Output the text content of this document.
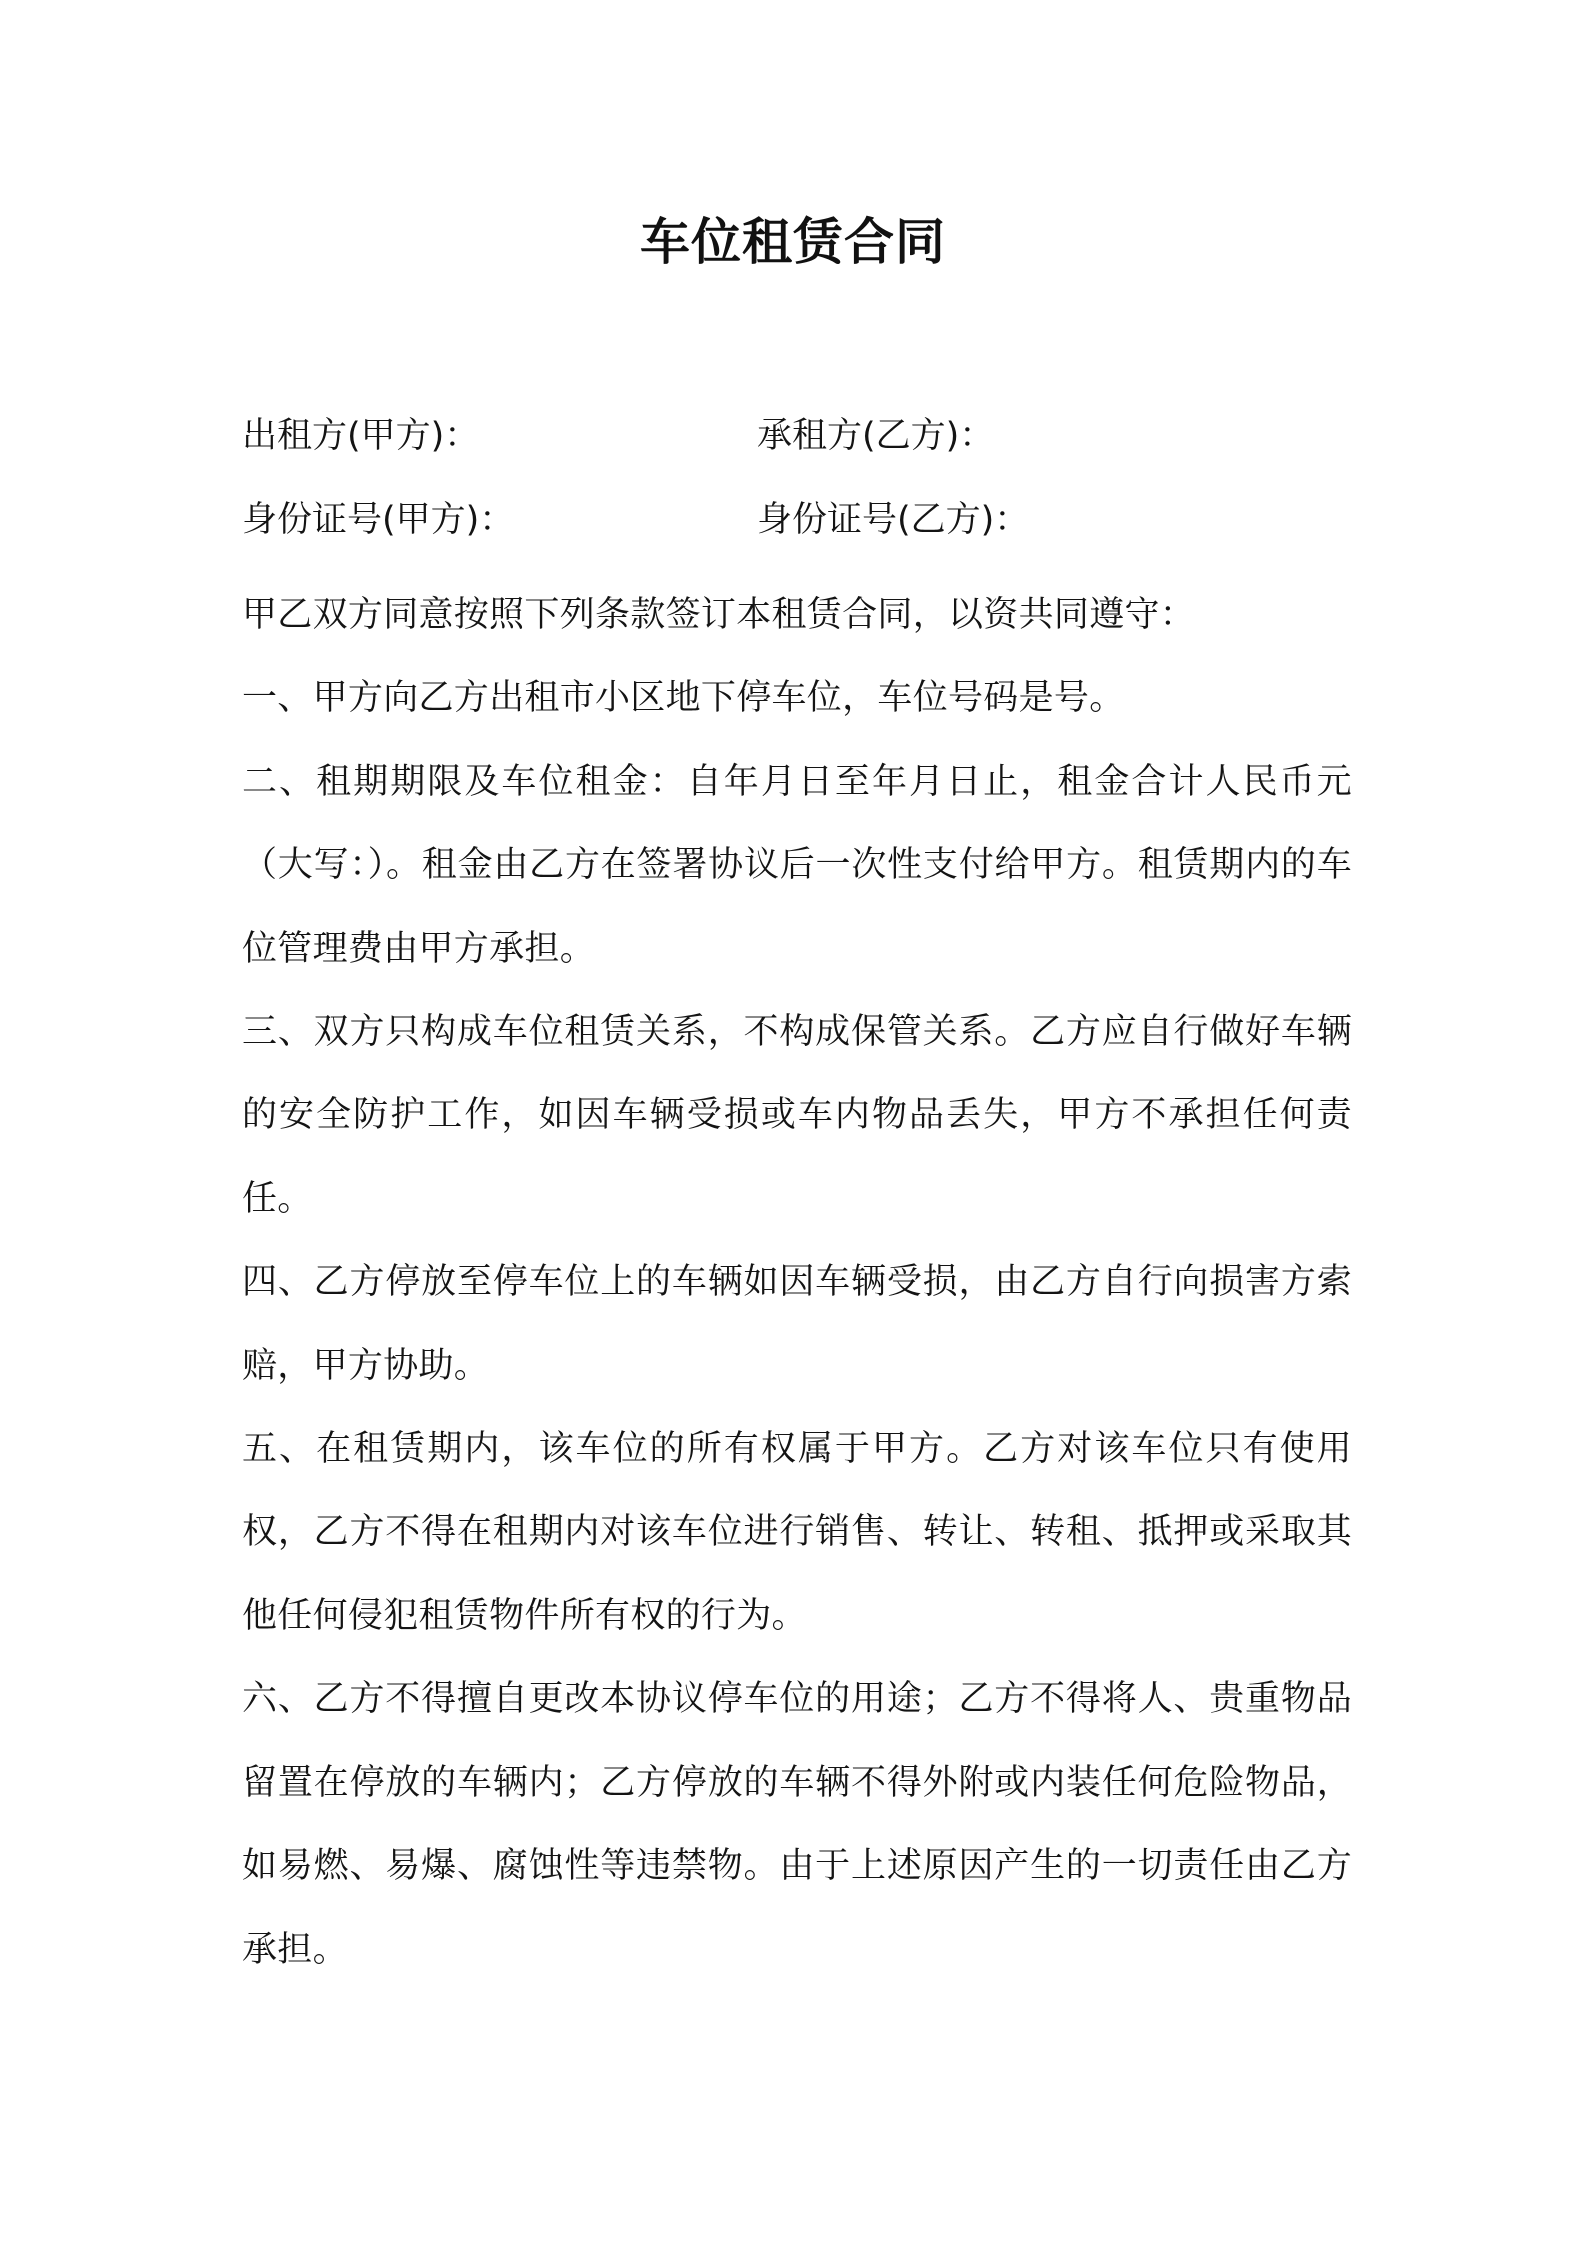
车位租赁合同
出租方(甲方)：	承租方(乙方)：
身份证号(甲方)：	身份证号(乙方)：

甲乙双方同意按照下列条款签订本租赁合同，以资共同遵守：

一、甲方向乙方出租市小区地下停车位，车位号码是号。

二、租期期限及车位租金：自年月日至年月日止，租金合计人民币元（大写：）。租金由乙方在签署协议后一次性支付给甲方。租赁期内的车位管理费由甲方承担。

三、双方只构成车位租赁关系，不构成保管关系。乙方应自行做好车辆的安全防护工作，如因车辆受损或车内物品丢失，甲方不承担任何责任。

四、乙方停放至停车位上的车辆如因车辆受损，由乙方自行向损害方索赔，甲方协助。

五、在租赁期内，该车位的所有权属于甲方。乙方对该车位只有使用权，乙方不得在租期内对该车位进行销售、转让、转租、抵押或采取其他任何侵犯租赁物件所有权的行为。

六、乙方不得擅自更改本协议停车位的用途；乙方不得将人、贵重物品留置在停放的车辆内；乙方停放的车辆不得外附或内装任何危险物品，如易燃、易爆、腐蚀性等违禁物。由于上述原因产生的一切责任由乙方承担。
